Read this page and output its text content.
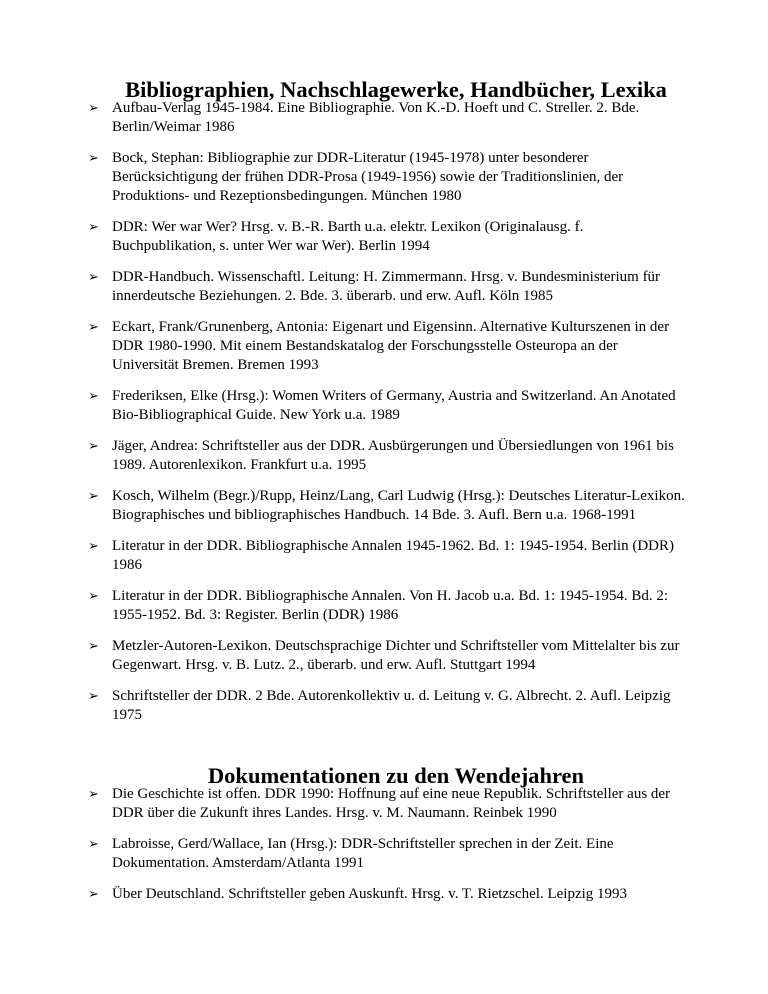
Bibliographien, Nachschlagewerke, Handbücher, Lexika
➢ Aufbau-Verlag 1945-1984. Eine Bibliographie. Von K.-D. Hoeft und C. Streller. 2. Bde. Berlin/Weimar 1986
➢ Bock, Stephan: Bibliographie zur DDR-Literatur (1945-1978) unter besonderer Berücksichtigung der frühen DDR-Prosa (1949-1956) sowie der Traditionslinien, der Produktions- und Rezeptionsbedingungen. München 1980
➢ DDR: Wer war Wer? Hrsg. v. B.-R. Barth u.a. elektr. Lexikon (Originalausg. f. Buchpublikation, s. unter Wer war Wer). Berlin 1994
➢ DDR-Handbuch. Wissenschaftl. Leitung: H. Zimmermann. Hrsg. v. Bundesministerium für innerdeutsche Beziehungen. 2. Bde. 3. überarb. und erw. Aufl. Köln 1985
➢ Eckart, Frank/Grunenberg, Antonia: Eigenart und Eigensinn. Alternative Kulturszenen in der DDR 1980-1990. Mit einem Bestandskatalog der Forschungsstelle Osteuropa an der Universität Bremen. Bremen 1993
➢ Frederiksen, Elke (Hrsg.): Women Writers of Germany, Austria and Switzerland. An Anotated Bio-Bibliographical Guide. New York u.a. 1989
➢ Jäger, Andrea: Schriftsteller aus der DDR. Ausbürgerungen und Übersiedlungen von 1961 bis 1989. Autorenlexikon. Frankfurt u.a. 1995
➢ Kosch, Wilhelm (Begr.)/Rupp, Heinz/Lang, Carl Ludwig (Hrsg.): Deutsches Literatur-Lexikon. Biographisches und bibliographisches Handbuch. 14 Bde. 3. Aufl. Bern u.a. 1968-1991
➢ Literatur in der DDR. Bibliographische Annalen 1945-1962. Bd. 1: 1945-1954. Berlin (DDR) 1986
➢ Literatur in der DDR. Bibliographische Annalen. Von H. Jacob u.a. Bd. 1: 1945-1954. Bd. 2: 1955-1952. Bd. 3: Register. Berlin (DDR) 1986
➢ Metzler-Autoren-Lexikon. Deutschsprachige Dichter und Schriftsteller vom Mittelalter bis zur Gegenwart. Hrsg. v. B. Lutz. 2., überarb. und erw. Aufl. Stuttgart 1994
➢ Schriftsteller der DDR. 2 Bde. Autorenkollektiv u. d. Leitung v. G. Albrecht. 2. Aufl. Leipzig 1975
Dokumentationen zu den Wendejahren
➢ Die Geschichte ist offen. DDR 1990: Hoffnung auf eine neue Republik. Schriftsteller aus der DDR über die Zukunft ihres Landes. Hrsg. v. M. Naumann. Reinbek 1990
➢ Labroisse, Gerd/Wallace, Ian (Hrsg.): DDR-Schriftsteller sprechen in der Zeit. Eine Dokumentation. Amsterdam/Atlanta 1991
➢ Über Deutschland. Schriftsteller geben Auskunft. Hrsg. v. T. Rietzschel. Leipzig 1993
